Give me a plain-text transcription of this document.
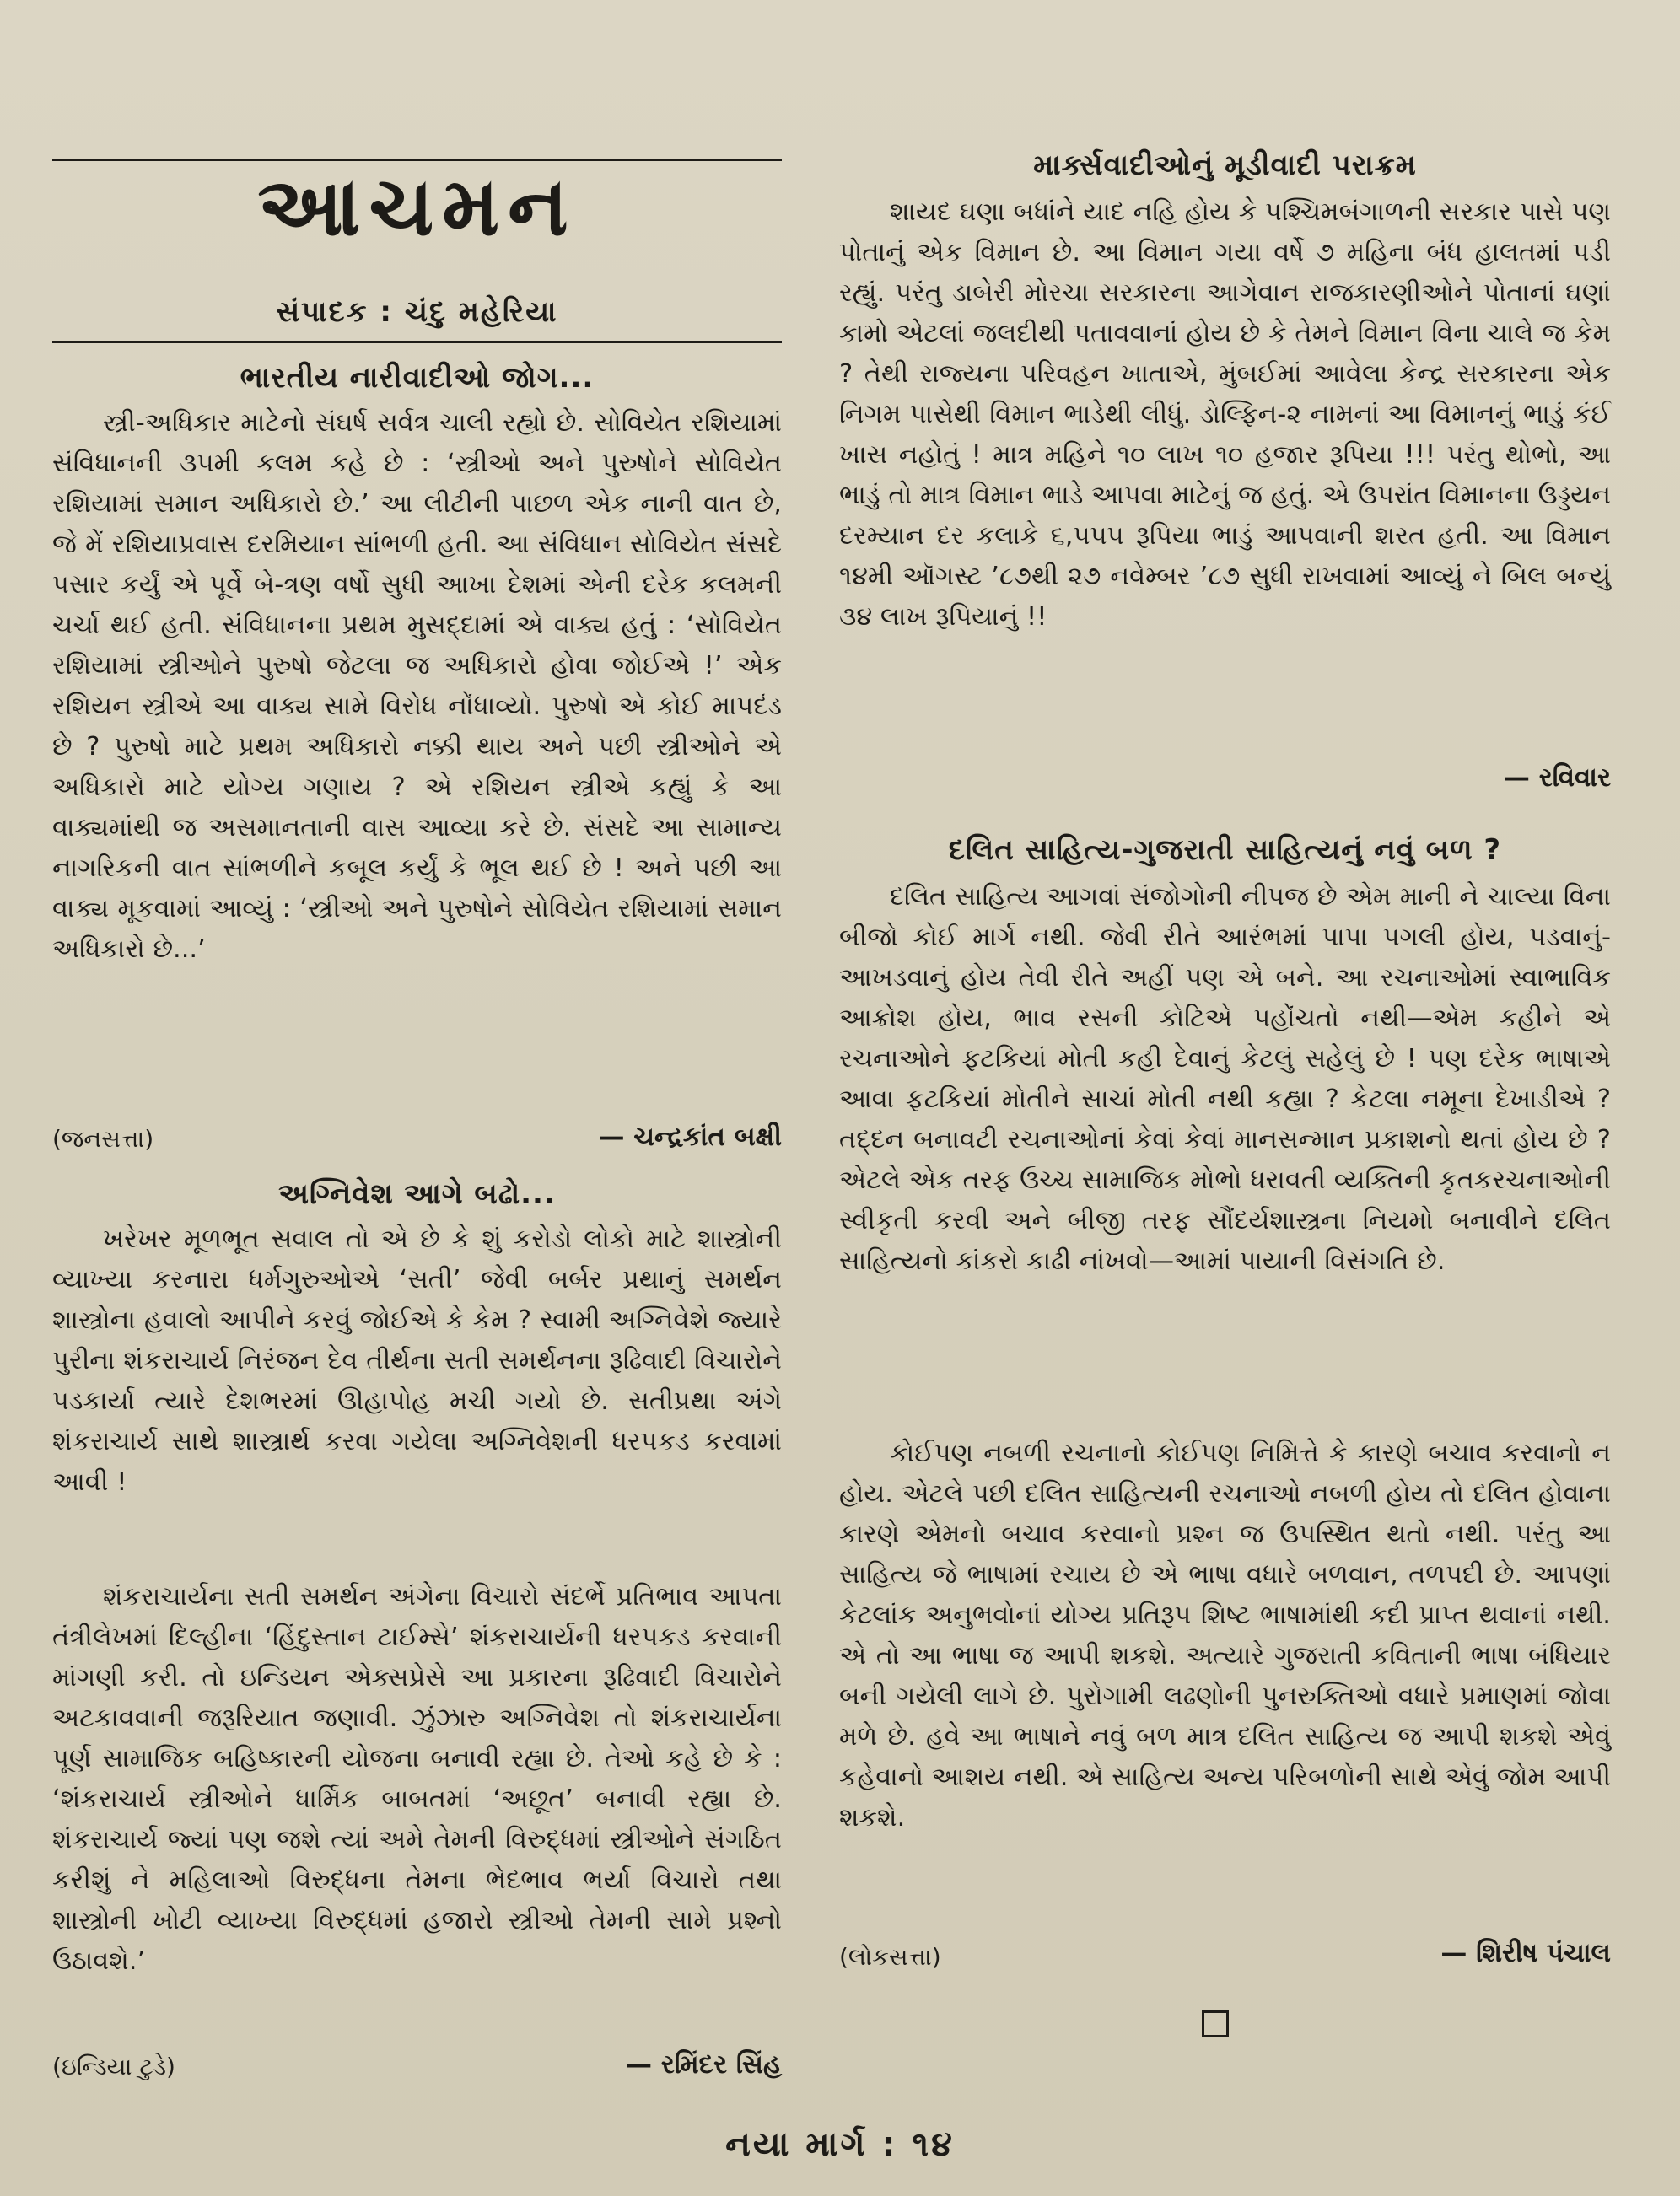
આચમન
સંપાદક : ચંદુ મહેરિયા
ભારતીય નારીવાદીઓ જોગ...

સ્ત્રી-અધિકાર માટેનો સંઘર્ષ સર્વત્ર ચાલી રહ્યો છે. સોવિયેત રશિયામાં સંવિધાનની ૩૫મી કલમ કહે છે : ‘સ્ત્રીઓ અને પુરુષોને સોવિયેત રશિયામાં સમાન અધિકારો છે.’ આ લીટીની પાછળ એક નાની વાત છે, જે મેં રશિયાપ્રવાસ દરમિયાન સાંભળી હતી. આ સંવિધાન સોવિયેત સંસદે પસાર કર્યું એ પૂર્વે બે-ત્રણ વર્ષો સુધી આખા દેશમાં એની દરેક કલમની ચર્ચા થઈ હતી. સંવિધાનના પ્રથમ મુસદ્દામાં એ વાક્ય હતું : ‘સોવિયેત રશિયામાં સ્ત્રીઓને પુરુષો જેટલા જ અધિકારો હોવા જોઈએ !’ એક રશિયન સ્ત્રીએ આ વાક્ય સામે વિરોધ નોંધાવ્યો. પુરુષો એ કોઈ માપદંડ છે ? પુરુષો માટે પ્રથમ અધિકારો નક્કી થાય અને પછી સ્ત્રીઓને એ અધિકારો માટે યોગ્ય ગણાય ? એ રશિયન સ્ત્રીએ કહ્યું કે આ વાક્યમાંથી જ અસમાનતાની વાસ આવ્યા કરે છે. સંસદે આ સામાન્ય નાગરિકની વાત સાંભળીને કબૂલ કર્યું કે ભૂલ થઈ છે ! અને પછી આ વાક્ય મૂકવામાં આવ્યું : ‘સ્ત્રીઓ અને પુરુષોને સોવિયેત રશિયામાં સમાન અધિકારો છે...’

(જનસત્તા)	— ચન્દ્રકાંત બક્ષી
અગ્નિવેશ આગે બઢો...

ખરેખર મૂળભૂત સવાલ તો એ છે કે શું કરોડો લોકો માટે શાસ્ત્રોની વ્યાખ્યા કરનારા ધર્મગુરુઓએ ‘સતી’ જેવી બર્બર પ્રથાનું સમર્થન શાસ્ત્રોના હવાલો આપીને કરવું જોઈએ કે કેમ ? સ્વામી અગ્નિવેશે જ્યારે પુરીના શંકરાચાર્ય નિરંજન દેવ તીર્થના સતી સમર્થનના રૂઢિવાદી વિચારોને પડકાર્યા ત્યારે દેશભરમાં ઊહાપોહ મચી ગયો છે. સતીપ્રથા અંગે શંકરાચાર્ય સાથે શાસ્ત્રાર્થ કરવા ગયેલા અગ્નિવેશની ધરપકડ કરવામાં આવી !

શંકરાચાર્યના સતી સમર્થન અંગેના વિચારો સંદર્ભે પ્રતિભાવ આપતા તંત્રીલેખમાં દિલ્હીના ‘હિંદુસ્તાન ટાઈમ્સે’ શંકરાચાર્યની ધરપકડ કરવાની માંગણી કરી. તો ઇન્ડિયન એક્સપ્રેસે આ પ્રકારના રૂઢિવાદી વિચારોને અટકાવવાની જરૂરિયાત જણાવી. ઝુંઝારુ અગ્નિવેશ તો શંકરાચાર્યના પૂર્ણ સામાજિક બહિષ્કારની યોજના બનાવી રહ્યા છે. તેઓ કહે છે કે : ‘શંકરાચાર્ય સ્ત્રીઓને ધાર્મિક બાબતમાં ‘અછૂત’ બનાવી રહ્યા છે. શંકરાચાર્ય જ્યાં પણ જશે ત્યાં અમે તેમની વિરુદ્ધમાં સ્ત્રીઓને સંગઠિત કરીશું ને મહિલાઓ વિરુદ્ધના તેમના ભેદભાવ ભર્યા વિચારો તથા શાસ્ત્રોની ખોટી વ્યાખ્યા વિરુદ્ધમાં હજારો સ્ત્રીઓ તેમની સામે પ્રશ્નો ઉઠાવશે.’

(ઇન્ડિયા ટુડે)	— રમિંદર સિંહ
માર્ક્સવાદીઓનું મૂડીવાદી પરાક્રમ

શાયદ ઘણા બધાંને યાદ નહિ હોય કે પશ્ચિમબંગાળની સરકાર પાસે પણ પોતાનું એક વિમાન છે. આ વિમાન ગયા વર્ષે ૭ મહિના બંધ હાલતમાં પડી રહ્યું. પરંતુ ડાબેરી મોરચા સરકારના આગેવાન રાજકારણીઓને પોતાનાં ઘણાં કામો એટલાં જલદીથી પતાવવાનાં હોય છે કે તેમને વિમાન વિના ચાલે જ કેમ ? તેથી રાજ્યના પરિવહન ખાતાએ, મુંબઈમાં આવેલા કેન્દ્ર સરકારના એક નિગમ પાસેથી વિમાન ભાડેથી લીધું. ડોલ્ફિન-૨ નામનાં આ વિમાનનું ભાડું કંઈ ખાસ નહોતું ! માત્ર મહિને ૧૦ લાખ ૧૦ હજાર રૂપિયા !!! પરંતુ થોભો, આ ભાડું તો માત્ર વિમાન ભાડે આપવા માટેનું જ હતું. એ ઉપરાંત વિમાનના ઉડ્ડયન દરમ્યાન દર કલાકે ૬,૫૫૫ રૂપિયા ભાડું આપવાની શરત હતી. આ વિમાન ૧૪મી ઑગસ્ટ ’૮૭થી ૨૭ નવેમ્બર ’૮૭ સુધી રાખવામાં આવ્યું ને બિલ બન્યું ૩૪ લાખ રૂપિયાનું !!

— રવિવાર
દલિત સાહિત્ય-ગુજરાતી સાહિત્યનું નવું બળ ?

દલિત સાહિત્ય આગવાં સંજોગોની નીપજ છે એમ માની ને ચાલ્યા વિના બીજો કોઈ માર્ગ નથી. જેવી રીતે આરંભમાં પાપા પગલી હોય, પડવાનું-આખડવાનું હોય તેવી રીતે અહીં પણ એ બને. આ રચનાઓમાં સ્વાભાવિક આક્રોશ હોય, ભાવ રસની કોટિએ પહોંચતો નથી—એમ કહીને એ રચનાઓને ફટકિયાં મોતી કહી દેવાનું કેટલું સહેલું છે ! પણ દરેક ભાષાએ આવા ફટકિયાં મોતીને સાચાં મોતી નથી કહ્યા ? કેટલા નમૂના દેખાડીએ ? તદ્દન બનાવટી રચનાઓનાં કેવાં કેવાં માનસન્માન પ્રકાશનો થતાં હોય છે ? એટલે એક તરફ ઉચ્ચ સામાજિક મોભો ધરાવતી વ્યક્તિની કૃતકરચનાઓની સ્વીકૃતી કરવી અને બીજી તરફ સૌંદર્યશાસ્ત્રના નિયમો બનાવીને દલિત સાહિત્યનો કાંકરો કાઢી નાંખવો—આમાં પાયાની વિસંગતિ છે.

કોઈપણ નબળી રચનાનો કોઈપણ નિમિત્તે કે કારણે બચાવ કરવાનો ન હોય. એટલે પછી દલિત સાહિત્યની રચનાઓ નબળી હોય તો દલિત હોવાના કારણે એમનો બચાવ કરવાનો પ્રશ્ન જ ઉપસ્થિત થતો નથી. પરંતુ આ સાહિત્ય જે ભાષામાં રચાય છે એ ભાષા વધારે બળવાન, તળપદી છે. આપણાં કેટલાંક અનુભવોનાં યોગ્ય પ્રતિરૂપ શિષ્ટ ભાષામાંથી કદી પ્રાપ્ત થવાનાં નથી. એ તો આ ભાષા જ આપી શકશે. અત્યારે ગુજરાતી કવિતાની ભાષા બંધિયાર બની ગયેલી લાગે છે. પુરોગામી લઢણોની પુનરુક્તિઓ વધારે પ્રમાણમાં જોવા મળે છે. હવે આ ભાષાને નવું બળ માત્ર દલિત સાહિત્ય જ આપી શકશે એવું કહેવાનો આશય નથી. એ સાહિત્ય અન્ય પરિબળોની સાથે એવું જોમ આપી શકશે.

(લોકસત્તા)	— શિરીષ પંચાલ
નયા માર્ગ : ૧૪
